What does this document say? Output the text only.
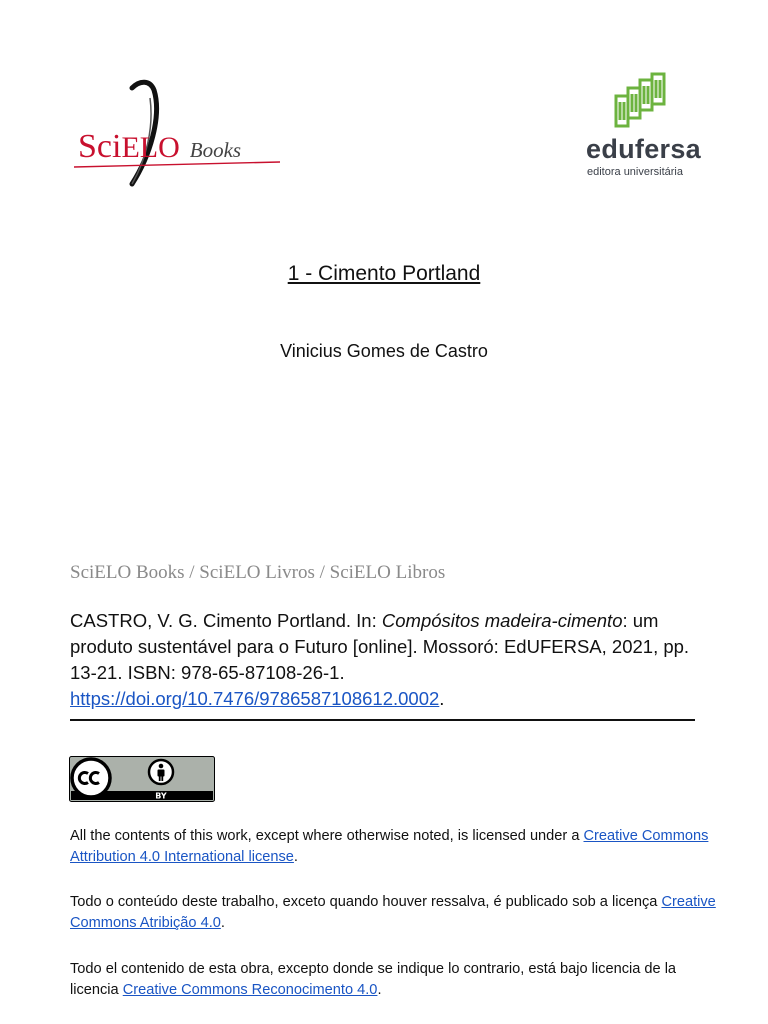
SciELO Books	edufersa
editora universitária
1 - Cimento Portland
Vinicius Gomes de Castro
SciELO Books / SciELO Livros / SciELO Libros
CASTRO, V. G. Cimento Portland. In: Compósitos madeira-cimento: um produto sustentável para o Futuro [online]. Mossoró: EdUFERSA, 2021, pp. 13-21. ISBN: 978-65-87108-26-1. https://doi.org/10.7476/9786587108612.0002.
BY
All the contents of this work, except where otherwise noted, is licensed under a Creative Commons Attribution 4.0 International license.
Todo o conteúdo deste trabalho, exceto quando houver ressalva, é publicado sob a licença Creative Commons Atribição 4.0.
Todo el contenido de esta obra, excepto donde se indique lo contrario, está bajo licencia de la licencia Creative Commons Reconocimento 4.0.
